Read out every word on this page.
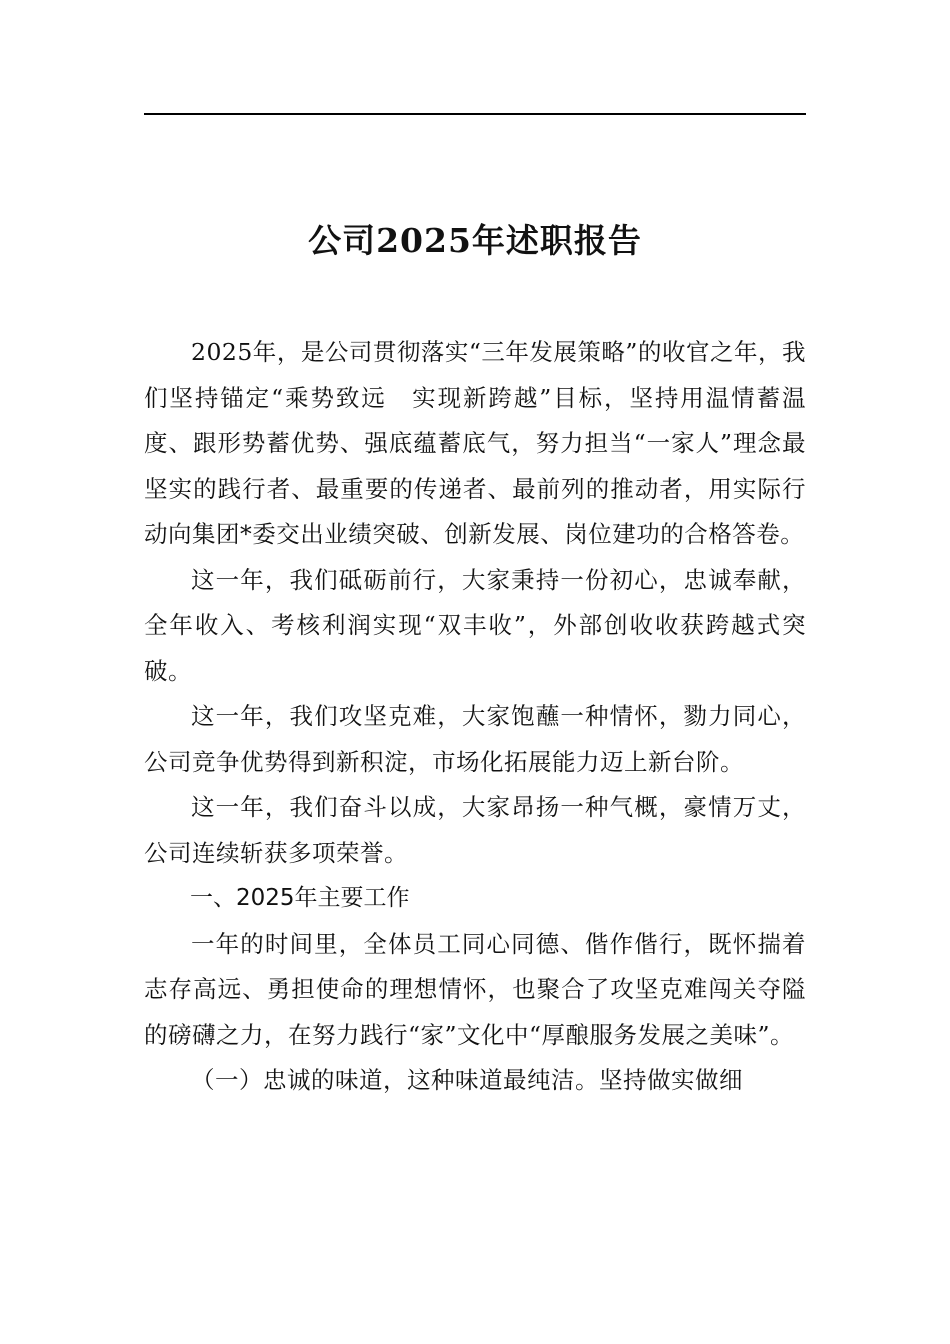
公司2025年述职报告

2025年，是公司贯彻落实“三年发展策略”的收官之年，我们坚持锚定“乘势致远　实现新跨越”目标，坚持用温情蓄温度、跟形势蓄优势、强底蕴蓄底气，努力担当“一家人”理念最坚实的践行者、最重要的传递者、最前列的推动者，用实际行动向集团*委交出业绩突破、创新发展、岗位建功的合格答卷。

这一年，我们砥砺前行，大家秉持一份初心，忠诚奉献，全年收入、考核利润实现“双丰收”，外部创收收获跨越式突破。

这一年，我们攻坚克难，大家饱蘸一种情怀，勠力同心，公司竞争优势得到新积淀，市场化拓展能力迈上新台阶。

这一年，我们奋斗以成，大家昂扬一种气概，豪情万丈，公司连续斩获多项荣誉。

一、2025年主要工作

一年的时间里，全体员工同心同德、偕作偕行，既怀揣着志存高远、勇担使命的理想情怀，也聚合了攻坚克难闯关夺隘的磅礴之力，在努力践行“家”文化中“厚酿服务发展之美味”。

（一）忠诚的味道，这种味道最纯洁。坚持做实做细
